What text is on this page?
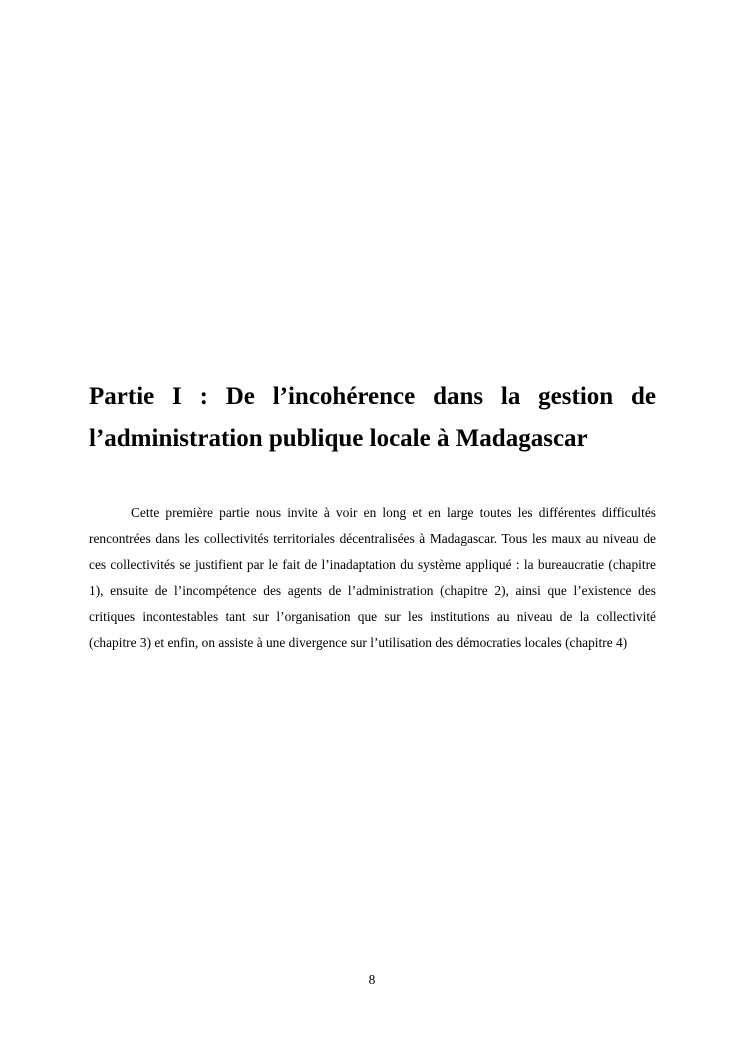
Partie I : De l’incohérence dans la gestion de l’administration publique locale à Madagascar

Cette première partie nous invite à voir en long et en large toutes les différentes difficultés rencontrées dans les collectivités territoriales décentralisées à Madagascar. Tous les maux au niveau de ces collectivités se justifient par le fait de l’inadaptation du système appliqué : la bureaucratie (chapitre 1), ensuite de l’incompétence des agents de l’administration (chapitre 2), ainsi que l’existence des critiques incontestables tant sur l’organisation que sur les institutions au niveau de la collectivité (chapitre 3) et enfin, on assiste à une divergence sur l’utilisation des démocraties locales (chapitre 4)

8
